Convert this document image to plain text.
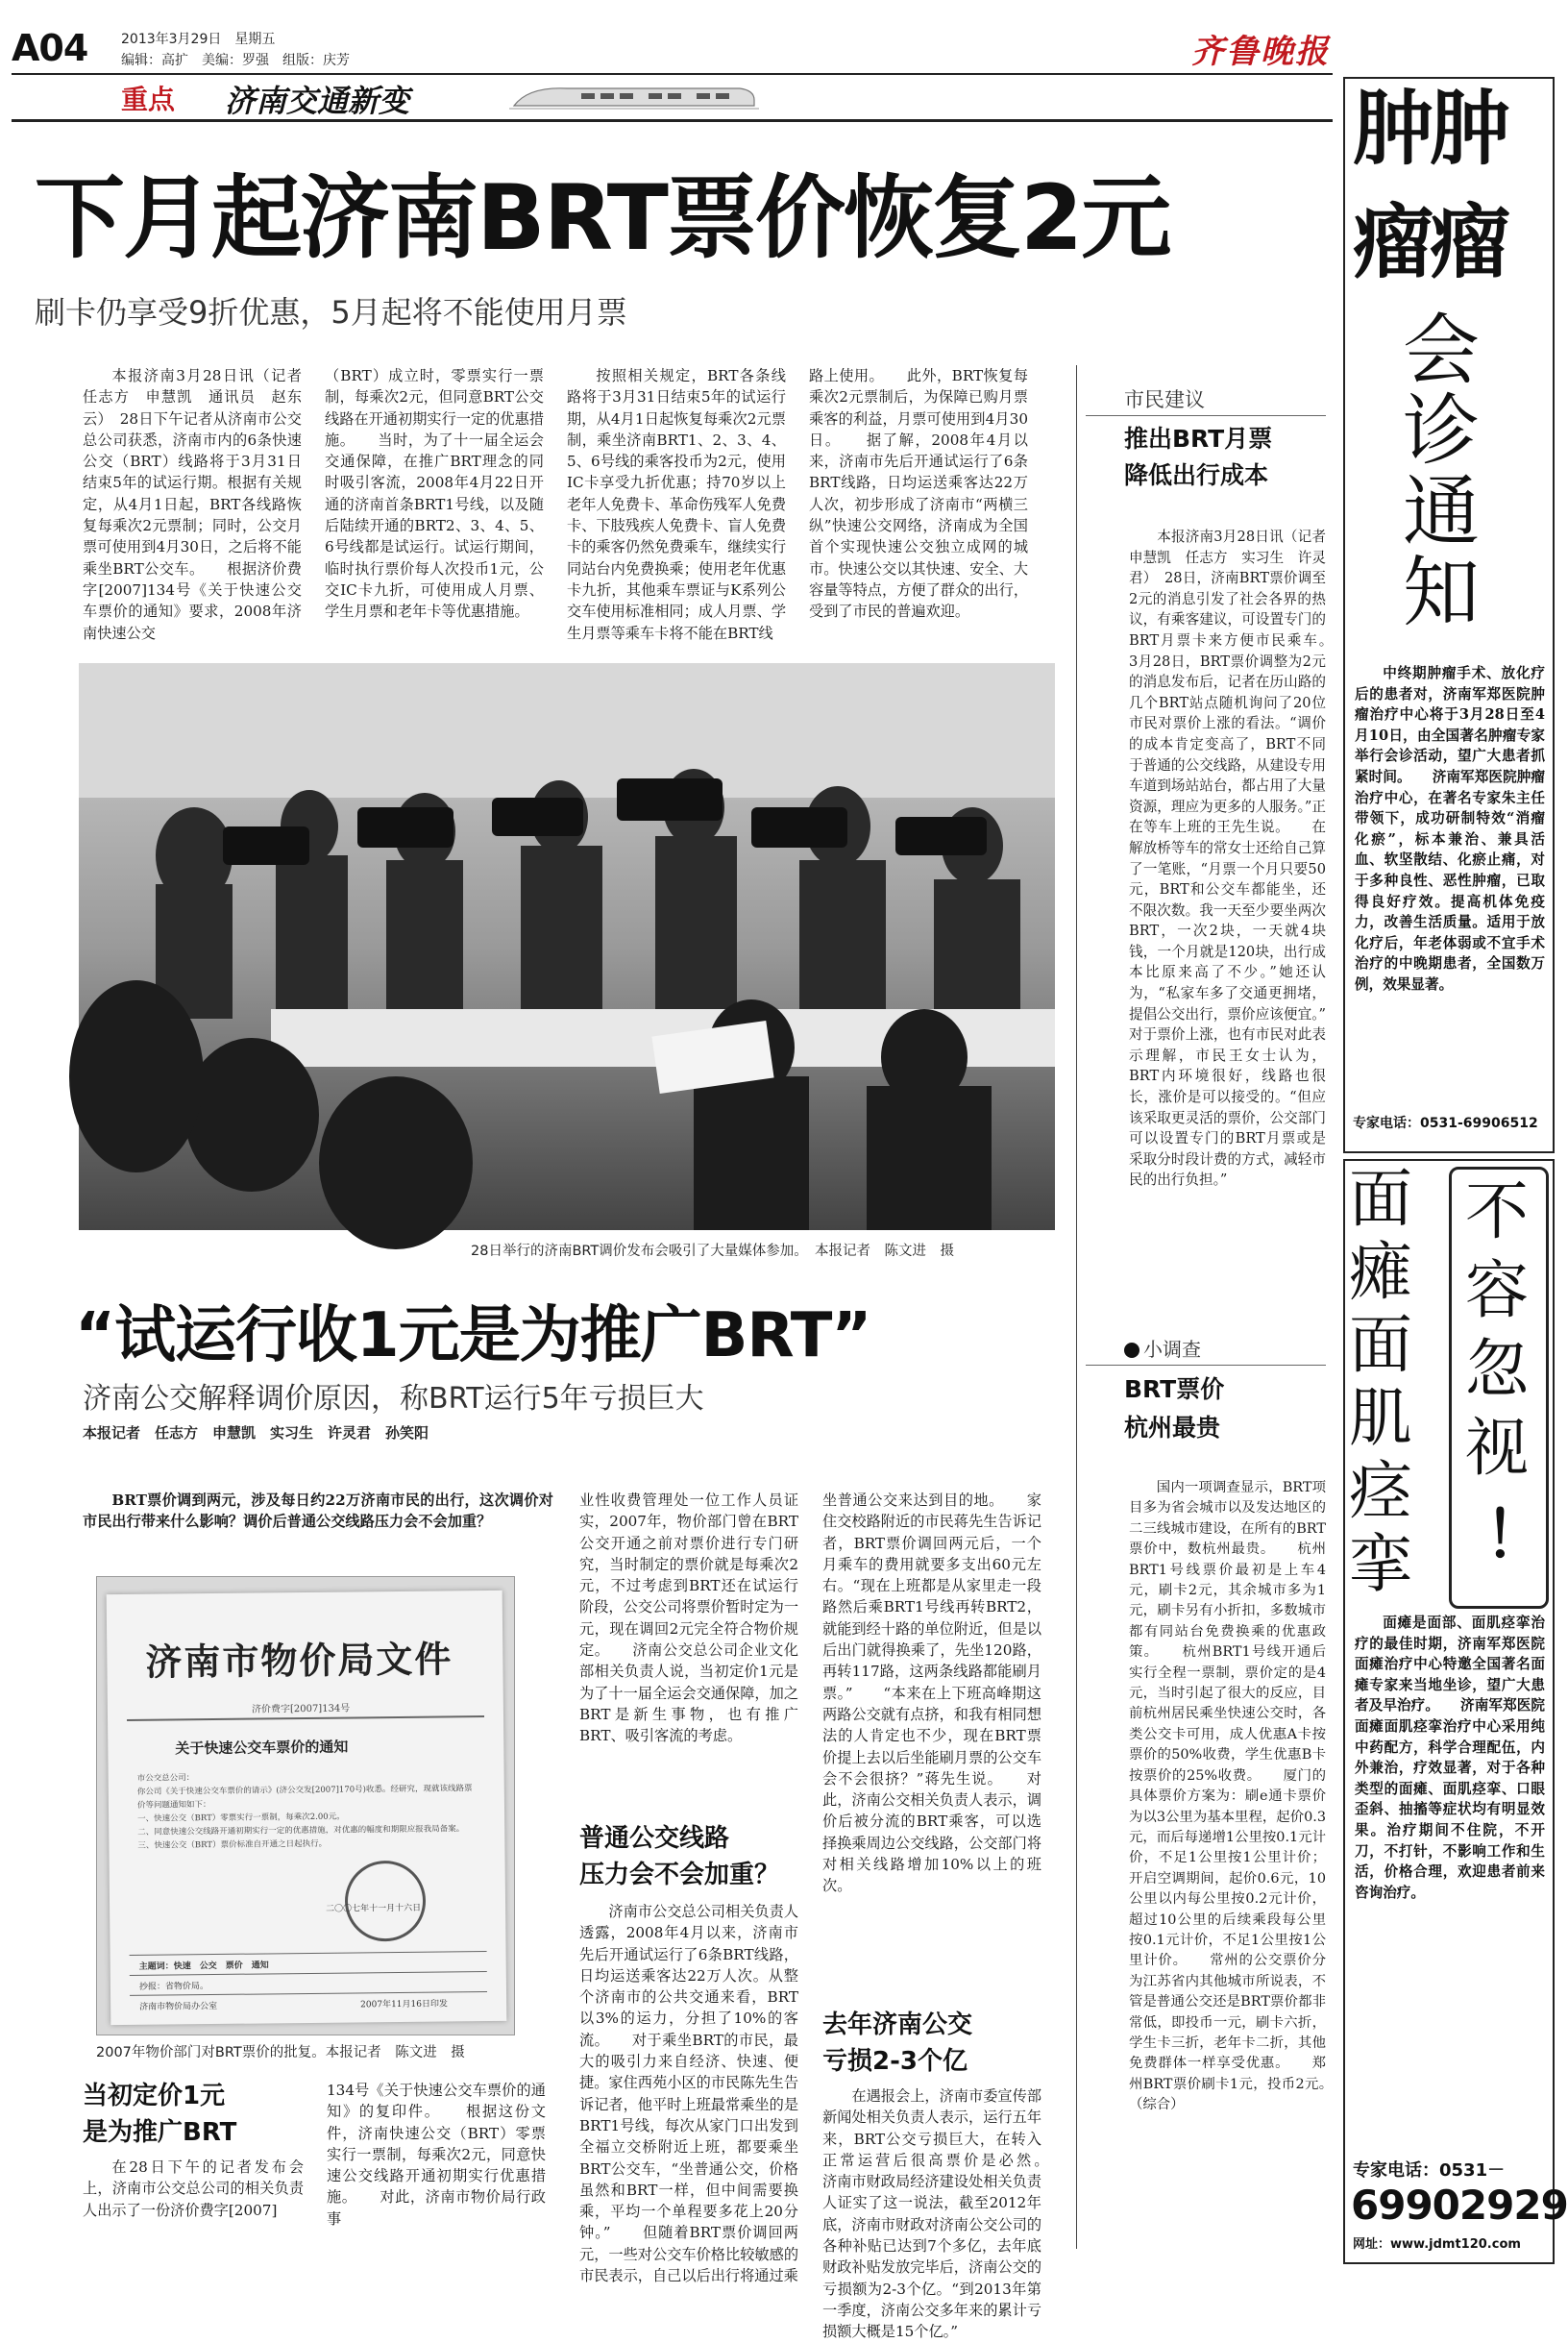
A04 2013年3月29日　星期五
编辑：高扩　美编：罗强　组版：庆芳	齐鲁晚报
重点 济南交通新变
下月起济南BRT票价恢复2元
刷卡仍享受9折优惠，5月起将不能使用月票

本报济南3月28日讯（记者　任志方　申慧凯　通讯员　赵东云）　28日下午记者从济南市公交总公司获悉，济南市内的6条快速公交（BRT）线路将于3月31日结束5年的试运行期。根据有关规定，从4月1日起，BRT各线路恢复每乘次2元票制；同时，公交月票可使用到4月30日，之后将不能乘坐BRT公交车。　　根据济价费字[2007]134号《关于快速公交车票价的通知》要求，2008年济南快速公交

（BRT）成立时，零票实行一票制，每乘次2元，但同意BRT公交线路在开通初期实行一定的优惠措施。　　当时，为了十一届全运会交通保障，在推广BRT理念的同时吸引客流，2008年4月22日开通的济南首条BRT1号线，以及随后陆续开通的BRT2、3、4、5、6号线都是试运行。试运行期间，临时执行票价每人次投币1元，公交IC卡九折，可使用成人月票、学生月票和老年卡等优惠措施。

按照相关规定，BRT各条线路将于3月31日结束5年的试运行期，从4月1日起恢复每乘次2元票制，乘坐济南BRT1、2、3、4、5、6号线的乘客投币为2元，使用IC卡享受九折优惠；持70岁以上老年人免费卡、革命伤残军人免费卡、下肢残疾人免费卡、盲人免费卡的乘客仍然免费乘车，继续实行同站台内免费换乘；使用老年优惠卡九折，其他乘车票证与K系列公交车使用标准相同；成人月票、学生月票等乘车卡将不能在BRT线

路上使用。　　此外，BRT恢复每乘次2元票制后，为保障已购月票乘客的利益，月票可使用到4月30日。　　据了解，2008年4月以来，济南市先后开通试运行了6条BRT线路，日均运送乘客达22万人次，初步形成了济南市“两横三纵”快速公交网络，济南成为全国首个实现快速公交独立成网的城市。快速公交以其快速、安全、大容量等特点，方便了群众的出行，受到了市民的普遍欢迎。

28日举行的济南BRT调价发布会吸引了大量媒体参加。　本报记者　陈文进　摄
市民建议
推出BRT月票
降低出行成本

本报济南3月28日讯（记者　申慧凯　任志方　实习生　许灵君）　28日，济南BRT票价调至2元的消息引发了社会各界的热议，有乘客建议，可设置专门的BRT月票卡来方便市民乘车。　　3月28日，BRT票价调整为2元的消息发布后，记者在历山路的几个BRT站点随机询问了20位市民对票价上涨的看法。“调价的成本肯定变高了，BRT不同于普通的公交线路，从建设专用车道到场站站台，都占用了大量资源，理应为更多的人服务。”正在等车上班的王先生说。　　在解放桥等车的常女士还给自己算了一笔账，“月票一个月只要50元，BRT和公交车都能坐，还不限次数。我一天至少要坐两次BRT，一次2块，一天就4块钱，一个月就是120块，出行成本比原来高了不少。”她还认为，“私家车多了交通更拥堵，提倡公交出行，票价应该便宜。”　　对于票价上涨，也有市民对此表示理解，市民王女士认为，BRT内环境很好，线路也很长，涨价是可以接受的。“但应该采取更灵活的票价，公交部门可以设置专门的BRT月票或是采取分时段计费的方式，减轻市民的出行负担。”

小调查
BRT票价
杭州最贵

国内一项调查显示，BRT项目多为省会城市以及发达地区的二三线城市建设，在所有的BRT票价中，数杭州最贵。　　杭州BRT1号线票价最初是上车4元，刷卡2元，其余城市多为1元，刷卡另有小折扣，多数城市都有同站台免费换乘的优惠政策。　　杭州BRT1号线开通后实行全程一票制，票价定的是4元，当时引起了很大的反应，目前杭州居民乘坐快速公交时，各类公交卡可用，成人优惠A卡按票价的50%收费，学生优惠B卡按票价的25%收费。　　厦门的具体票价方案为：刷e通卡票价为以3公里为基本里程，起价0.3元，而后每递增1公里按0.1元计价，不足1公里按1公里计价；开启空调期间，起价0.6元，10公里以内每公里按0.2元计价，超过10公里的后续乘段每公里按0.1元计价，不足1公里按1公里计价。　　常州的公交票价分为江苏省内其他城市所说表，不管是普通公交还是BRT票价都非常低，即投币一元，刷卡六折，学生卡三折，老年卡二折，其他免费群体一样享受优惠。　　郑州BRT票价刷卡1元，投币2元。　　　（综合）

“试运行收1元是为推广BRT”
济南公交解释调价原因，称BRT运行5年亏损巨大
本报记者　任志方　申慧凯　实习生　许灵君　孙笑阳

BRT票价调到两元，涉及每日约22万济南市民的出行，这次调价对市民出行带来什么影响？调价后普通公交线路压力会不会加重？

济南市物价局文件
济价费字[2007]134号
关于快速公交车票价的通知
市公交总公司：
你公司《关于快速公交车票价的请示》(济公交发[2007]170号)收悉。经研究，现就该线路票价等问题通知如下：
一、快速公交（BRT）零票实行一票制，每乘次2.00元。
二、同意快速公交线路开通初期实行一定的优惠措施，对优惠的幅度和期限应报我局备案。
三、快速公交（BRT）票价标准自开通之日起执行。
二〇〇七年十一月十六日
主题词：快速　公交　票价　通知
抄报：省物价局。
济南市物价局办公室	2007年11月16日印发
2007年物价部门对BRT票价的批复。本报记者　陈文进　摄
当初定价1元
是为推广BRT

在28日下午的记者发布会上，济南市公交总公司的相关负责人出示了一份济价费字[2007]

134号《关于快速公交车票价的通知》的复印件。　　根据这份文件，济南快速公交（BRT）零票实行一票制，每乘次2元，同意快速公交线路开通初期实行优惠措施。　　对此，济南市物价局行政事

业性收费管理处一位工作人员证实，2007年，物价部门曾在BRT公交开通之前对票价进行专门研究，当时制定的票价就是每乘次2元，不过考虑到BRT还在试运行阶段，公交公司将票价暂时定为一元，现在调回2元完全符合物价规定。　　济南公交总公司企业文化部相关负责人说，当初定价1元是为了十一届全运会交通保障，加之BRT是新生事物，也有推广BRT、吸引客流的考虑。

普通公交线路
压力会不会加重？

济南市公交总公司相关负责人透露，2008年4月以来，济南市先后开通试运行了6条BRT线路，日均运送乘客达22万人次。从整个济南市的公共交通来看，BRT以3%的运力，分担了10%的客流。　　对于乘坐BRT的市民，最大的吸引力来自经济、快速、便捷。家住西苑小区的市民陈先生告诉记者，他平时上班最常乘坐的是BRT1号线，每次从家门口出发到全福立交桥附近上班，都要乘坐BRT公交车，“坐普通公交，价格虽然和BRT一样，但中间需要换乘，平均一个单程要多花上20分钟。”　　但随着BRT票价调回两元，一些对公交车价格比较敏感的市民表示，自己以后出行将通过乘

坐普通公交来达到目的地。　　家住交校路附近的市民蒋先生告诉记者，BRT票价调回两元后，一个月乘车的费用就要多支出60元左右。“现在上班都是从家里走一段路然后乘BRT1号线再转BRT2，就能到经十路的单位附近，但是以后出门就得换乘了，先坐120路，再转117路，这两条线路都能刷月票。”　　“本来在上下班高峰期这两路公交就有点挤，和我有相同想法的人肯定也不少，现在BRT票价提上去以后坐能刷月票的公交车会不会很挤？”蒋先生说。　　对此，济南公交相关负责人表示，调价后被分流的BRT乘客，可以选择换乘周边公交线路，公交部门将对相关线路增加10%以上的班次。

去年济南公交
亏损2-3个亿

在遇报会上，济南市委宣传部新闻处相关负责人表示，运行五年来，BRT公交亏损巨大，在转入正常运营后很高票价是必然。　　济南市财政局经济建设处相关负责人证实了这一说法，截至2012年底，济南市财政对济南公交公司的各种补贴已达到7个多亿，去年底财政补贴发放完毕后，济南公交的亏损额为2-3个亿。“到2013年第一季度，济南公交多年来的累计亏损额大概是15个亿。”

肿肿
瘤瘤
会
诊
通
知

中终期肿瘤手术、放化疗后的患者对，济南军郑医院肿瘤治疗中心将于3月28日至4月10日，由全国著名肿瘤专家举行会诊活动，望广大患者抓紧时间。　　济南军郑医院肿瘤治疗中心，在著名专家朱主任带领下，成功研制特效“消瘤化瘀”，标本兼治、兼具活血、软坚散结、化瘀止痛，对于多种良性、恶性肿瘤，已取得良好疗效。提高机体免疫力，改善生活质量。适用于放化疗后，年老体弱或不宜手术治疗的中晚期患者，全国数万例，效果显著。

专家电话：0531-69906512
面
瘫
面
肌
痉
挛
不
容
忽
视
！

面瘫是面部、面肌痉挛治疗的最佳时期，济南军郑医院面瘫治疗中心特邀全国著名面瘫专家来当地坐诊，望广大患者及早治疗。　　济南军郑医院面瘫面肌痉挛治疗中心采用纯中药配方，科学合理配伍，内外兼治，疗效显著，对于各种类型的面瘫、面肌痉挛、口眼歪斜、抽搐等症状均有明显效果。治疗期间不住院，不开刀，不打针，不影响工作和生活，价格合理，欢迎患者前来咨询治疗。

专家电话：0531－
69902929
网址：www.jdmt120.com
